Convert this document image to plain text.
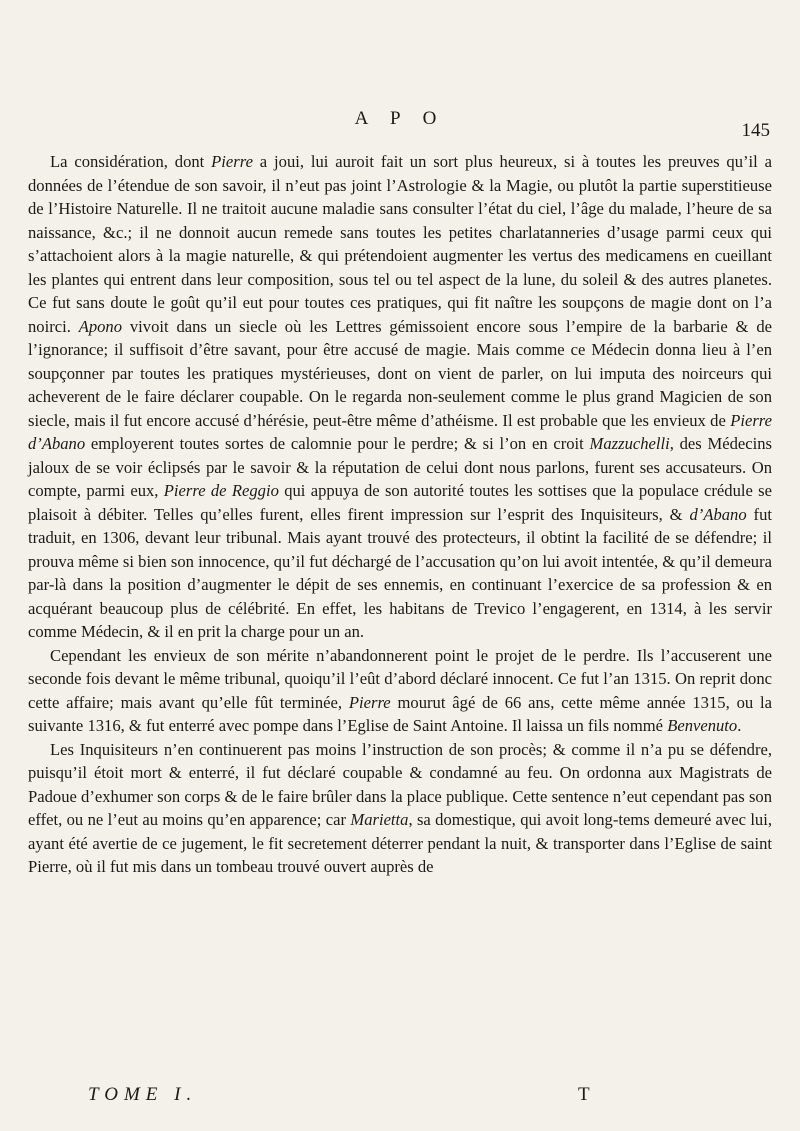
A P O
145

La considération, dont Pierre a joui, lui auroit fait un sort plus heureux, si à toutes les preuves qu’il a données de l’étendue de son savoir, il n’eut pas joint l’Astrologie & la Magie, ou plutôt la partie superstitieuse de l’Histoire Naturelle. Il ne traitoit aucune maladie sans consulter l’état du ciel, l’âge du malade, l’heure de sa naissance, &c.; il ne donnoit aucun remede sans toutes les petites charlatanneries d’usage parmi ceux qui s’attachoient alors à la magie naturelle, & qui prétendoient augmenter les vertus des medicamens en cueillant les plantes qui entrent dans leur composition, sous tel ou tel aspect de la lune, du soleil & des autres planetes. Ce fut sans doute le goût qu’il eut pour toutes ces pratiques, qui fit naître les soupçons de magie dont on l’a noirci. Apono vivoit dans un siecle où les Lettres gémissoient encore sous l’empire de la barbarie & de l’ignorance; il suffisoit d’être savant, pour être accusé de magie. Mais comme ce Médecin donna lieu à l’en soupçonner par toutes les pratiques mystérieuses, dont on vient de parler, on lui imputa des noirceurs qui acheverent de le faire déclarer coupable. On le regarda non-seulement comme le plus grand Magicien de son siecle, mais il fut encore accusé d’hérésie, peut-être même d’athéisme. Il est probable que les envieux de Pierre d’Abano employerent toutes sortes de calomnie pour le perdre; & si l’on en croit Mazzuchelli, des Médecins jaloux de se voir éclipsés par le savoir & la réputation de celui dont nous parlons, furent ses accusateurs. On compte, parmi eux, Pierre de Reggio qui appuya de son autorité toutes les sottises que la populace crédule se plaisoit à débiter. Telles qu’elles furent, elles firent impression sur l’esprit des Inquisiteurs, & d’Abano fut traduit, en 1306, devant leur tribunal. Mais ayant trouvé des protecteurs, il obtint la facilité de se défendre; il prouva même si bien son innocence, qu’il fut déchargé de l’accusation qu’on lui avoit intentée, & qu’il demeura par-là dans la position d’augmenter le dépit de ses ennemis, en continuant l’exercice de sa profession & en acquérant beaucoup plus de célébrité. En effet, les habitans de Trevico l’engagerent, en 1314, à les servir comme Médecin, & il en prit la charge pour un an.

Cependant les envieux de son mérite n’abandonnerent point le projet de le perdre. Ils l’accuserent une seconde fois devant le même tribunal, quoiqu’il l’eût d’abord déclaré innocent. Ce fut l’an 1315. On reprit donc cette affaire; mais avant qu’elle fût terminée, Pierre mourut âgé de 66 ans, cette même année 1315, ou la suivante 1316, & fut enterré avec pompe dans l’Eglise de Saint Antoine. Il laissa un fils nommé Benvenuto.

Les Inquisiteurs n’en continuerent pas moins l’instruction de son procès; & comme il n’a pu se défendre, puisqu’il étoit mort & enterré, il fut déclaré coupable & condamné au feu. On ordonna aux Magistrats de Padoue d’exhumer son corps & de le faire brûler dans la place publique. Cette sentence n’eut cependant pas son effet, ou ne l’eut au moins qu’en apparence; car Marietta, sa domestique, qui avoit long-tems demeuré avec lui, ayant été avertie de ce jugement, le fit secretement déterrer pendant la nuit, & transporter dans l’Eglise de saint Pierre, où il fut mis dans un tombeau trouvé ouvert auprès de

TOME I.	T
